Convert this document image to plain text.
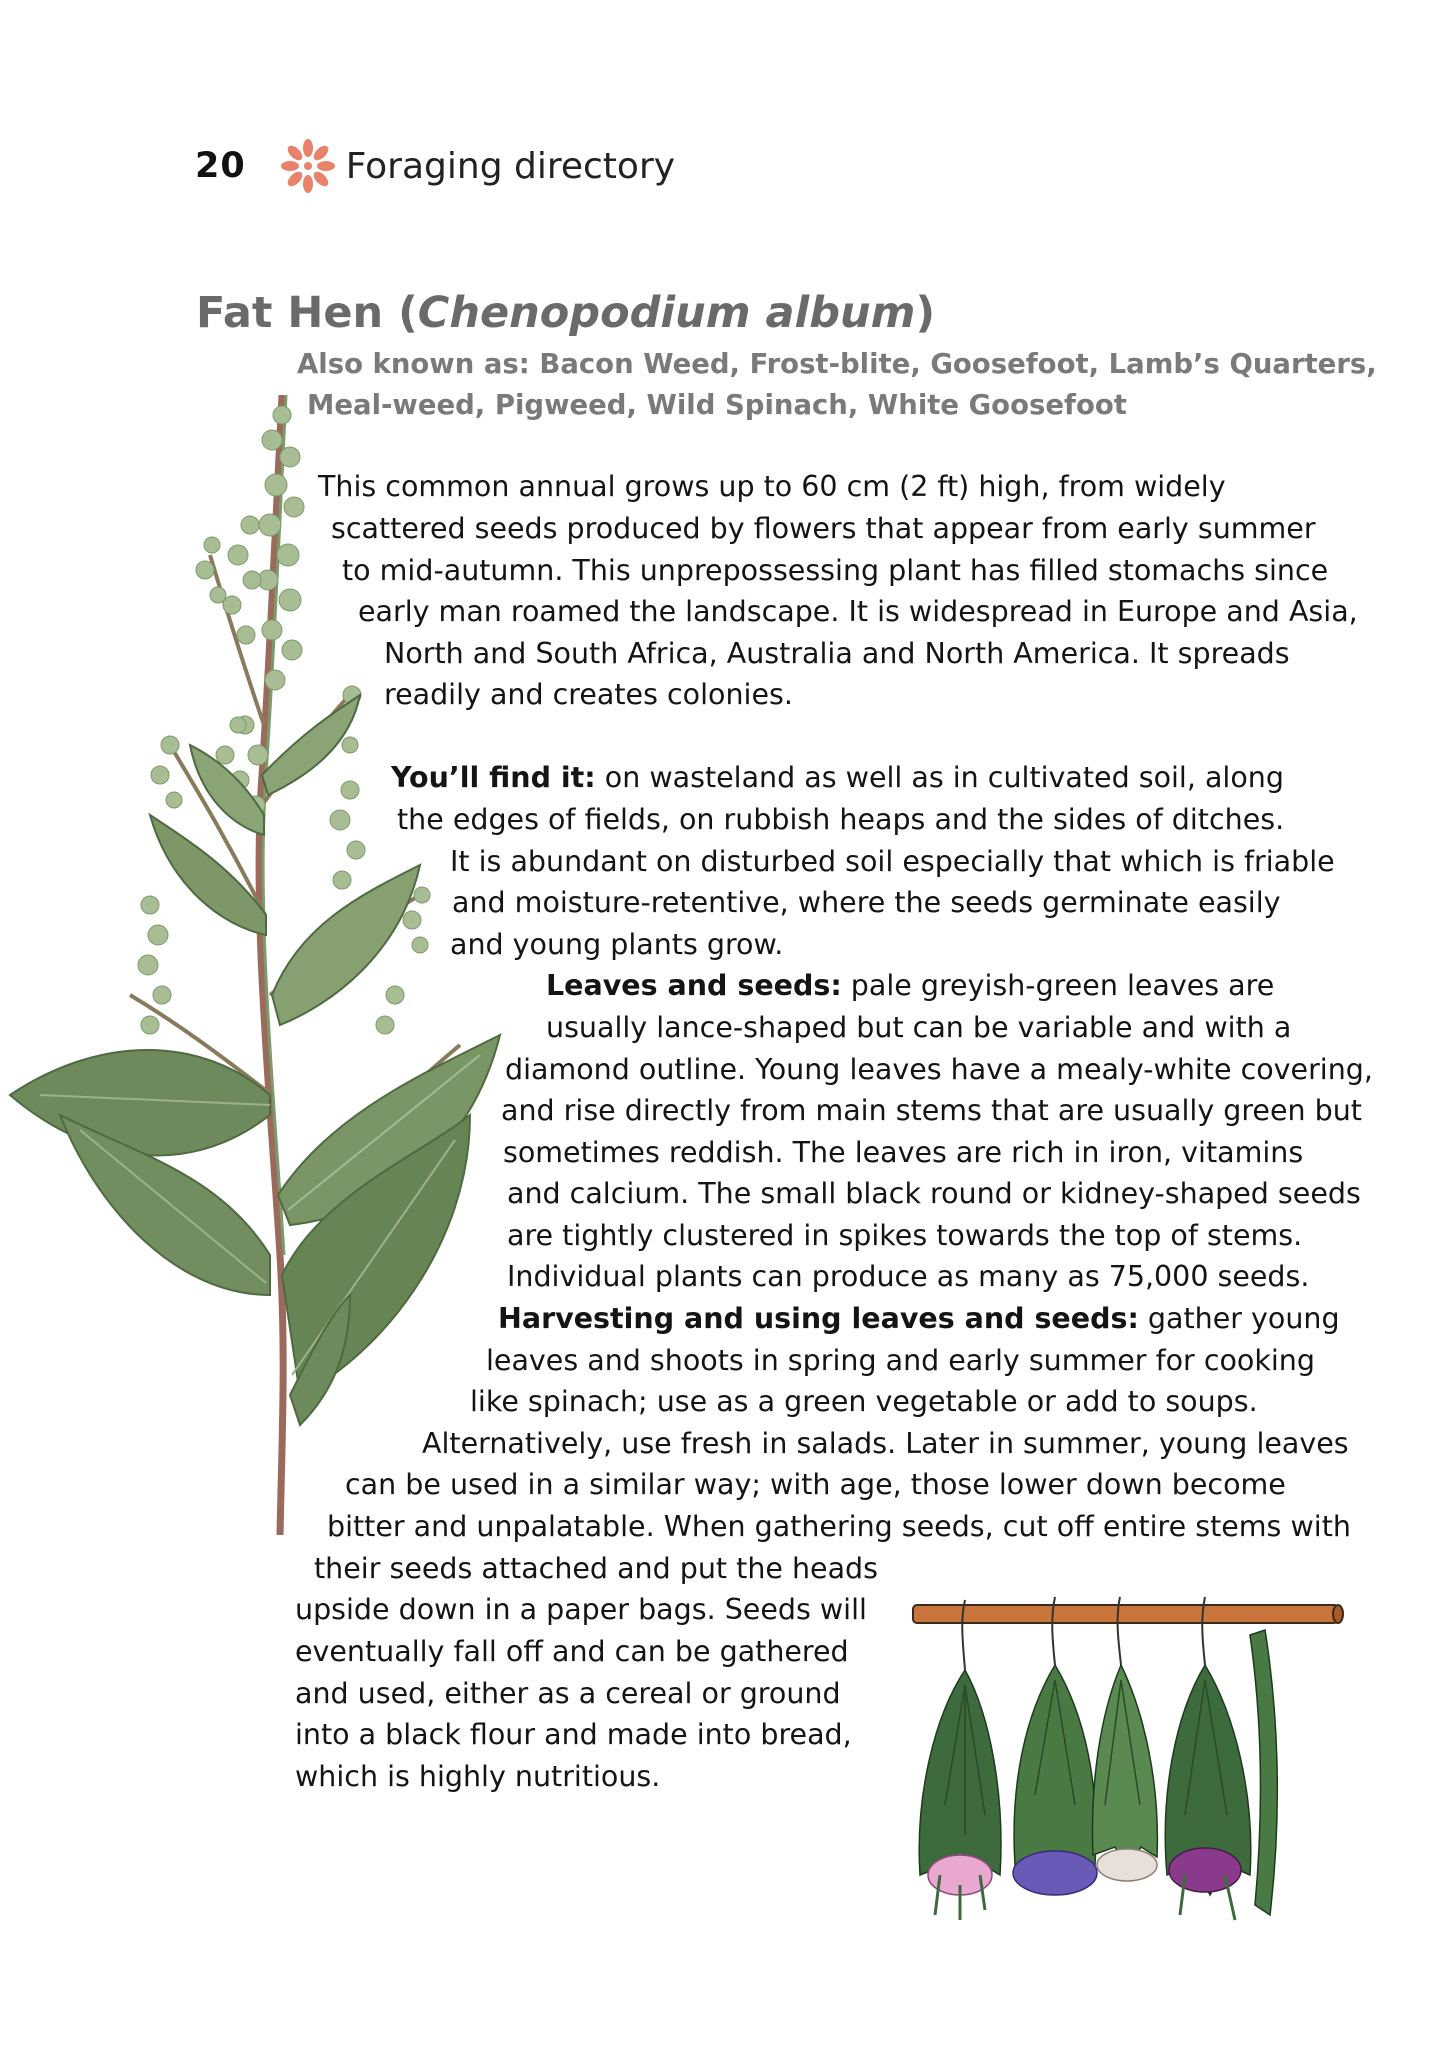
20	Foraging directory
Fat Hen (Chenopodium album)
Also known as: Bacon Weed, Frost-blite, Goosefoot, Lamb’s Quarters,
Meal-weed, Pigweed, Wild Spinach, White Goosefoot
This common annual grows up to 60 cm (2 ft) high, from widely
scattered seeds produced by flowers that appear from early summer
to mid-autumn. This unprepossessing plant has filled stomachs since
early man roamed the landscape. It is widespread in Europe and Asia,
North and South Africa, Australia and North America. It spreads
readily and creates colonies.
You’ll find it: on wasteland as well as in cultivated soil, along
the edges of fields, on rubbish heaps and the sides of ditches.
It is abundant on disturbed soil especially that which is friable
and moisture-retentive, where the seeds germinate easily
and young plants grow.
Leaves and seeds: pale greyish-green leaves are
usually lance-shaped but can be variable and with a
diamond outline. Young leaves have a mealy-white covering,
and rise directly from main stems that are usually green but
sometimes reddish. The leaves are rich in iron, vitamins
and calcium. The small black round or kidney-shaped seeds
are tightly clustered in spikes towards the top of stems.
Individual plants can produce as many as 75,000 seeds.
Harvesting and using leaves and seeds: gather young
leaves and shoots in spring and early summer for cooking
like spinach; use as a green vegetable or add to soups.
Alternatively, use fresh in salads. Later in summer, young leaves
can be used in a similar way; with age, those lower down become
bitter and unpalatable. When gathering seeds, cut off entire stems with
their seeds attached and put the heads
upside down in a paper bags. Seeds will
eventually fall off and can be gathered
and used, either as a cereal or ground
into a black flour and made into bread,
which is highly nutritious.
